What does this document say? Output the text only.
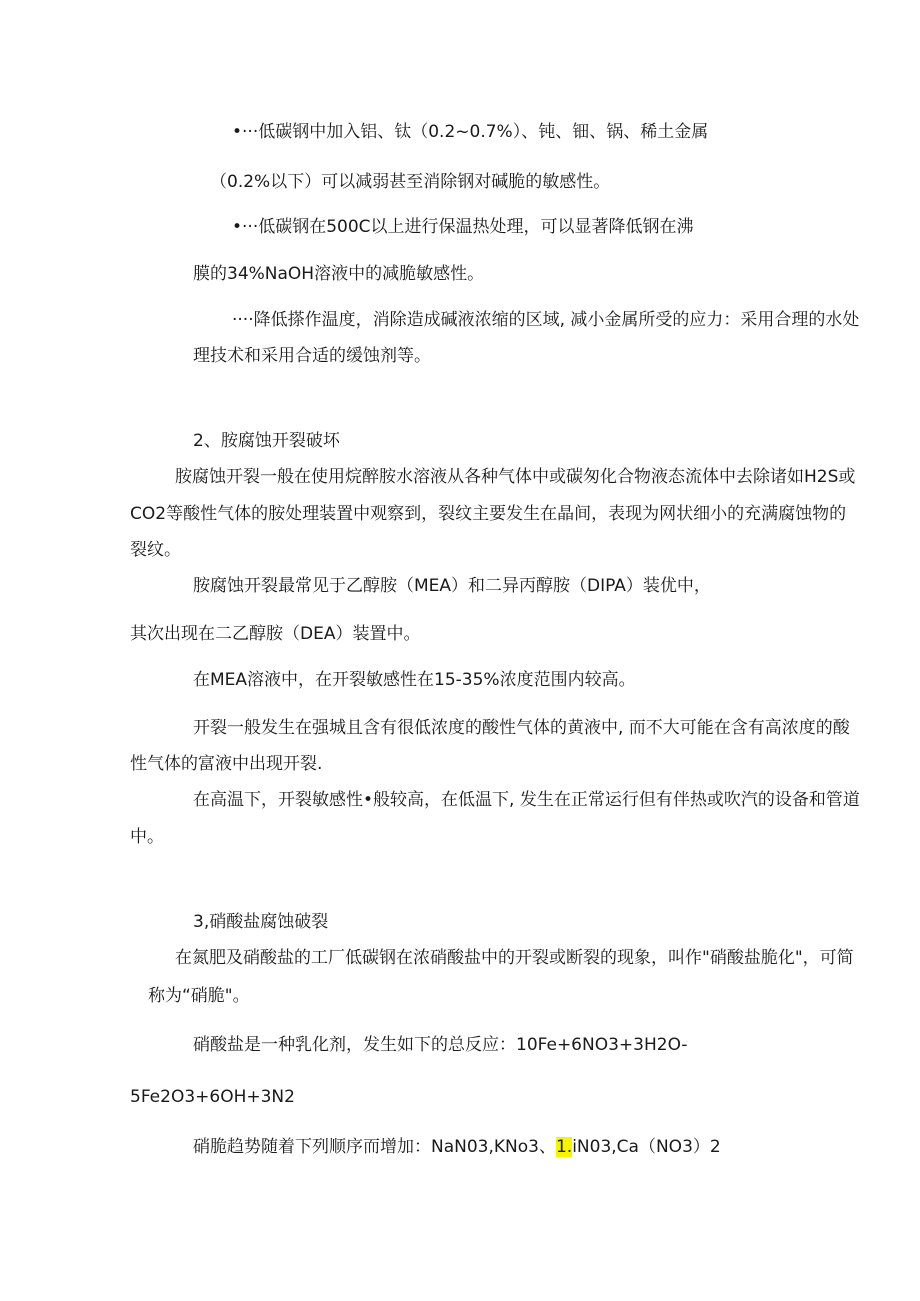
•···低碳钢中加入铝、钛（0.2~0.7%）、钝、钿、锅、稀土金属
（0.2%以下）可以减弱甚至消除钢对碱脆的敏感性。
•···低碳钢在500C以上进行保温热处理，可以显著降低钢在沸
膜的34%NaOH溶液中的减脆敏感性。
····降低搽作温度，消除造成碱液浓缩的区域, 减小金属所受的应力：采用合理的水处
理技术和采用合适的缓蚀剂等。
2、胺腐蚀开裂破坏
胺腐蚀开裂一般在使用烷醉胺水溶液从各种气体中或碳匆化合物液态流体中去除诸如H2S或
CO2等酸性气体的胺处理装置中观察到，裂纹主要发生在晶间，表现为网状细小的充满腐蚀物的
裂纹。
胺腐蚀开裂最常见于乙醇胺（MEA）和二异丙醇胺（DIPA）装优中，
其次出现在二乙醇胺（DEA）装置中。
在MEA溶液中，在开裂敏感性在15-35%浓度范围内较高。
开裂一般发生在强城且含有很低浓度的酸性气体的黄液中, 而不大可能在含有高浓度的酸
性气体的富液中出现开裂.
在高温下，开裂敏感性•般较高，在低温下, 发生在正常运行但有伴热或吹汽的设备和管道
中。
3,硝酸盐腐蚀破裂
在氮肥及硝酸盐的工厂低碳钢在浓硝酸盐中的开裂或断裂的现象，叫作"硝酸盐脆化"，可简
称为“硝脆"。
硝酸盐是一种乳化剂，发生如下的总反应：10Fe+6NO3+3H2O-
5Fe2O3+6OH+3N2
硝脆趋势随着下列顺序而增加：NaN03,KNo3、1.iN03,Ca（NO3）2
